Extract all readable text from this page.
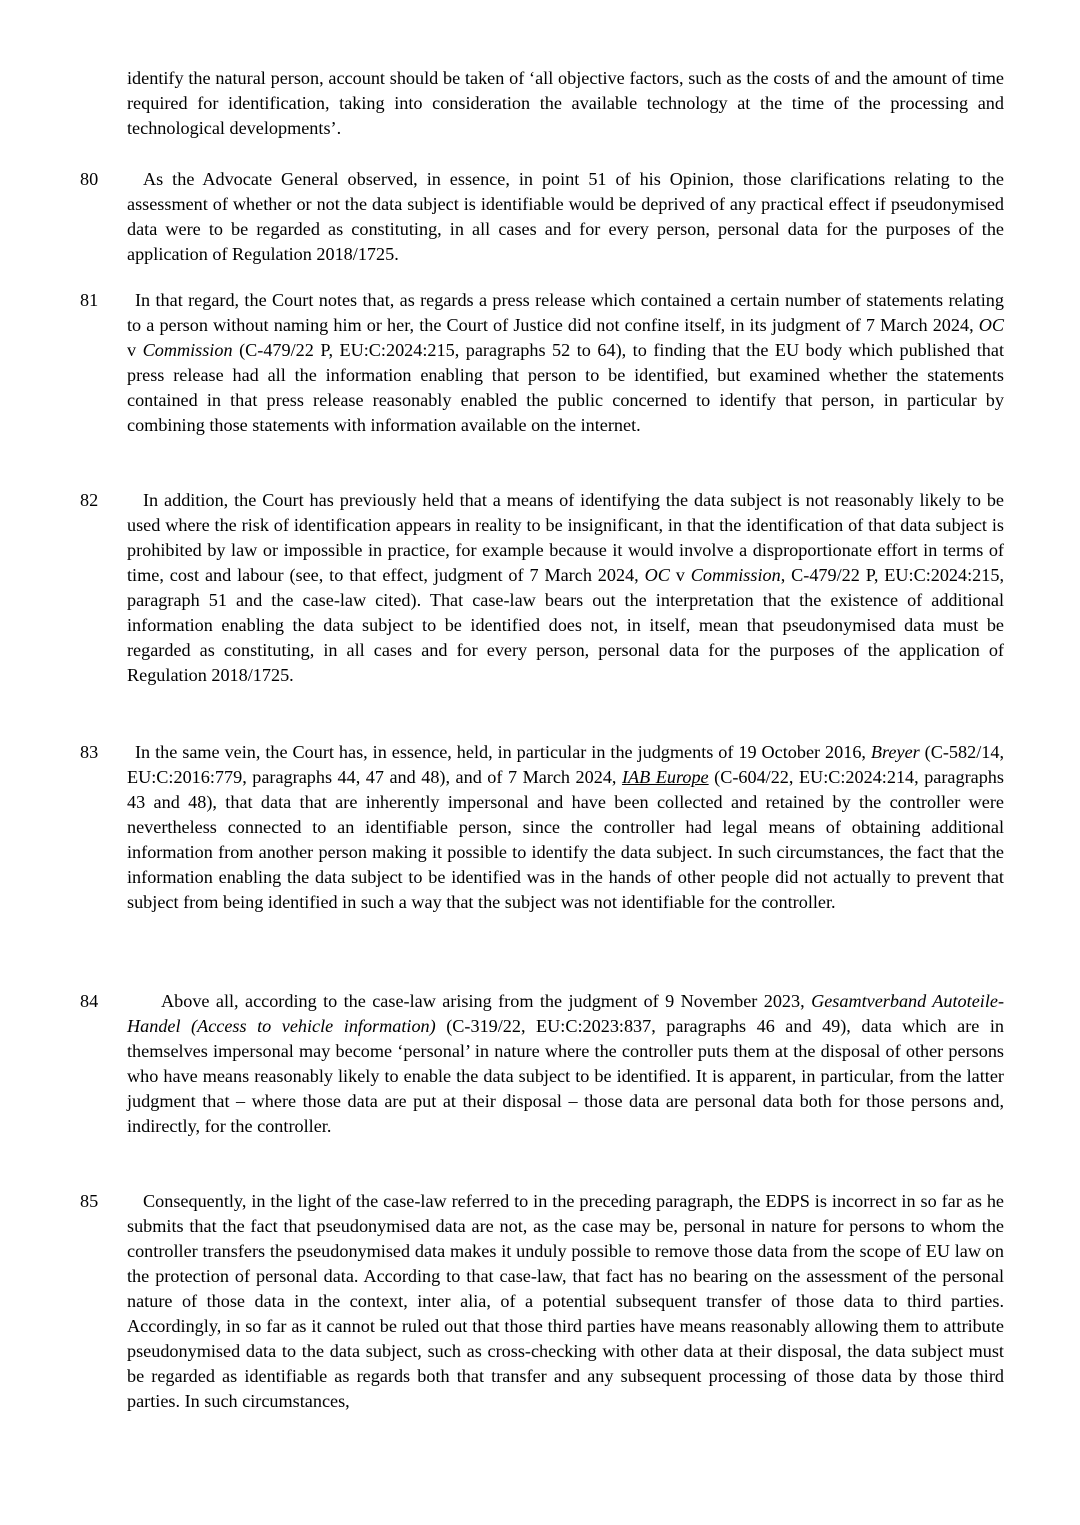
identify the natural person, account should be taken of ‘all objective factors, such as the costs of and the amount of time required for identification, taking into consideration the available technology at the time of the processing and technological developments’.

80	As the Advocate General observed, in essence, in point 51 of his Opinion, those clarifications relating to the assessment of whether or not the data subject is identifiable would be deprived of any practical effect if pseudonymised data were to be regarded as constituting, in all cases and for every person, personal data for the purposes of the application of Regulation 2018/1725.

81	In that regard, the Court notes that, as regards a press release which contained a certain number of statements relating to a person without naming him or her, the Court of Justice did not confine itself, in its judgment of 7 March 2024, OC v Commission (C-479/22 P, EU:C:2024:215, paragraphs 52 to 64), to finding that the EU body which published that press release had all the information enabling that person to be identified, but examined whether the statements contained in that press release reasonably enabled the public concerned to identify that person, in particular by combining those statements with information available on the internet.

82	In addition, the Court has previously held that a means of identifying the data subject is not reasonably likely to be used where the risk of identification appears in reality to be insignificant, in that the identification of that data subject is prohibited by law or impossible in practice, for example because it would involve a disproportionate effort in terms of time, cost and labour (see, to that effect, judgment of 7 March 2024, OC v Commission, C-479/22 P, EU:C:2024:215, paragraph 51 and the case-law cited). That case-law bears out the interpretation that the existence of additional information enabling the data subject to be identified does not, in itself, mean that pseudonymised data must be regarded as constituting, in all cases and for every person, personal data for the purposes of the application of Regulation 2018/1725.

83	In the same vein, the Court has, in essence, held, in particular in the judgments of 19 October 2016, Breyer (C-582/14, EU:C:2016:779, paragraphs 44, 47 and 48), and of 7 March 2024, IAB Europe (C-604/22, EU:C:2024:214, paragraphs 43 and 48), that data that are inherently impersonal and have been collected and retained by the controller were nevertheless connected to an identifiable person, since the controller had legal means of obtaining additional information from another person making it possible to identify the data subject. In such circumstances, the fact that the information enabling the data subject to be identified was in the hands of other people did not actually to prevent that subject from being identified in such a way that the subject was not identifiable for the controller.

84	Above all, according to the case-law arising from the judgment of 9 November 2023, Gesamtverband Autoteile-Handel (Access to vehicle information) (C-319/22, EU:C:2023:837, paragraphs 46 and 49), data which are in themselves impersonal may become ‘personal’ in nature where the controller puts them at the disposal of other persons who have means reasonably likely to enable the data subject to be identified. It is apparent, in particular, from the latter judgment that – where those data are put at their disposal – those data are personal data both for those persons and, indirectly, for the controller.

85	Consequently, in the light of the case-law referred to in the preceding paragraph, the EDPS is incorrect in so far as he submits that the fact that pseudonymised data are not, as the case may be, personal in nature for persons to whom the controller transfers the pseudonymised data makes it unduly possible to remove those data from the scope of EU law on the protection of personal data. According to that case-law, that fact has no bearing on the assessment of the personal nature of those data in the context, inter alia, of a potential subsequent transfer of those data to third parties. Accordingly, in so far as it cannot be ruled out that those third parties have means reasonably allowing them to attribute pseudonymised data to the data subject, such as cross-checking with other data at their disposal, the data subject must be regarded as identifiable as regards both that transfer and any subsequent processing of those data by those third parties. In such circumstances,
